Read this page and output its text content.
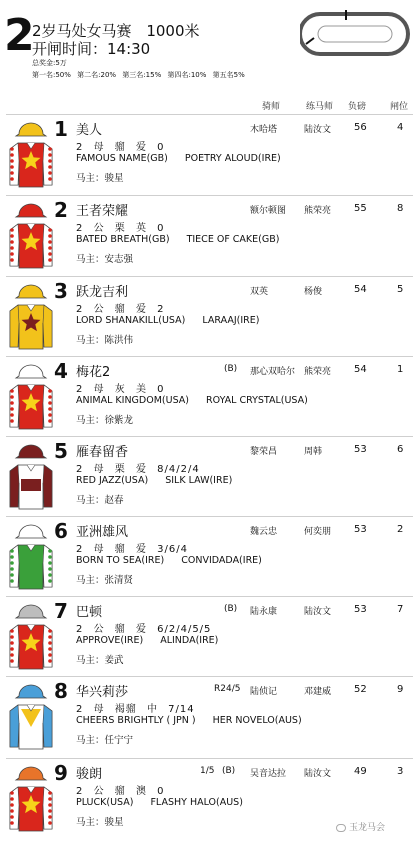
2
2岁马处女马赛 1000米
开闸时间：14:30
总奖金:5万
第一名:50% 第二名:20% 第三名:15% 第四名:10% 第五名5%
骑师	练马师 负磅	闸位
1 美人	木哈塔	陆汝文 56	4
2 母 骝 爱 0
FAMOUS NAME(GB) POETRY ALOUD(IRE)
马主：骏星
2 王者荣耀	额尔顿图 熊荣亮 55	8
2 公 栗 英 0
BATED BREATH(GB) TIECE OF CAKE(GB)
马主：安志强
3 跃龙吉利	双英	杨俊	54	5
2 公 骝 爱 2
LORD SHANAKILL(USA) LARAAJ(IRE)
马主：陈洪伟
4 梅花2	(B) 那心双哈尔 熊荣亮 54	1
2 母 灰 美 0
ANIMAL KINGDOM(USA) ROYAL CRYSTAL(USA)
马主：徐紫龙
5 雁春留香	黎荣昌	周韩	53	6
2 母 栗 爱 8/4/2/4
RED JAZZ(USA) SILK LAW(IRE)
马主：赵春
6 亚洲雄风	魏云忠	何奕朋 53	2
2 母 骝 爱 3/6/4
BORN TO SEA(IRE) CONVIDADA(IRE)
马主：张清贤
7 巴顿	(B) 陆永康	陆汝文 53	7
2 公 骝 爱 6/2/4/5/5
APPROVE(IRE) ALINDA(IRE)
马主：姜武
8 华兴莉莎	R24/5 陆侦记	邓建威 52	9
2 母 褐骝 中 7/14
CHEERS BRIGHTLY ( JPN ) HER NOVELO(AUS)
马主：任宁宁
9 骏朗	1/5 (B) 吴音达拉 陆汝文 49	3
2 公 骝 澳 0
PLUCK(USA) FLASHY HALO(AUS)
马主：骏星	玉龙马会
